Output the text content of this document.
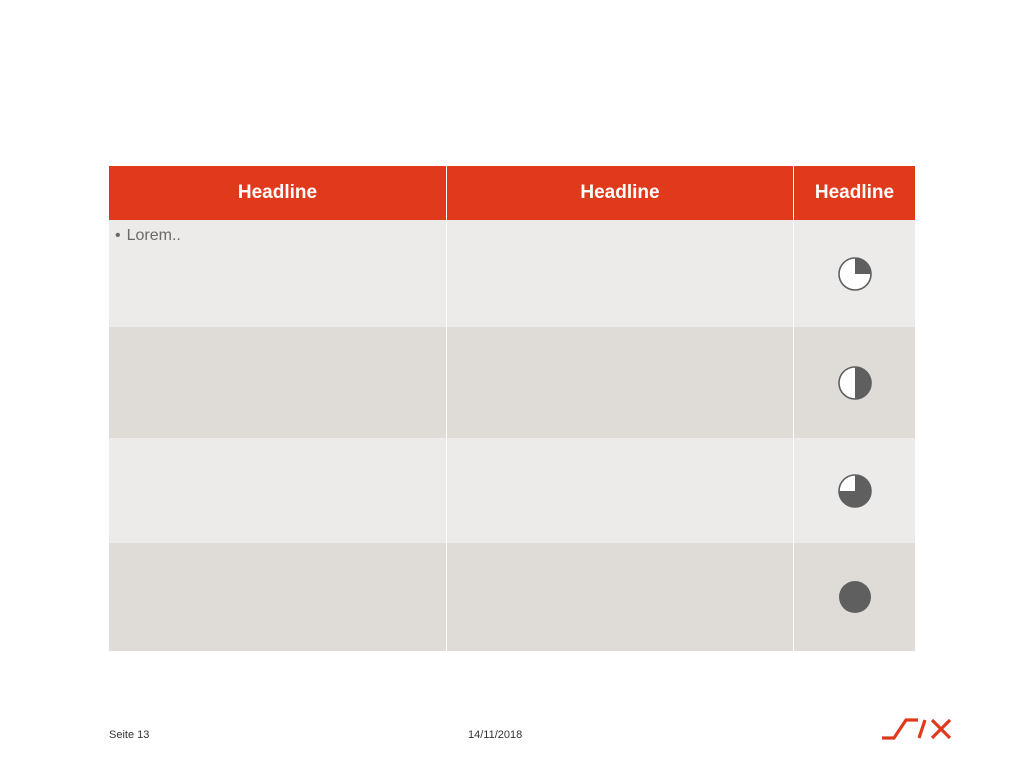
Headline	Headline	Headline
• Lorem..
Seite 13	14/11/2018
